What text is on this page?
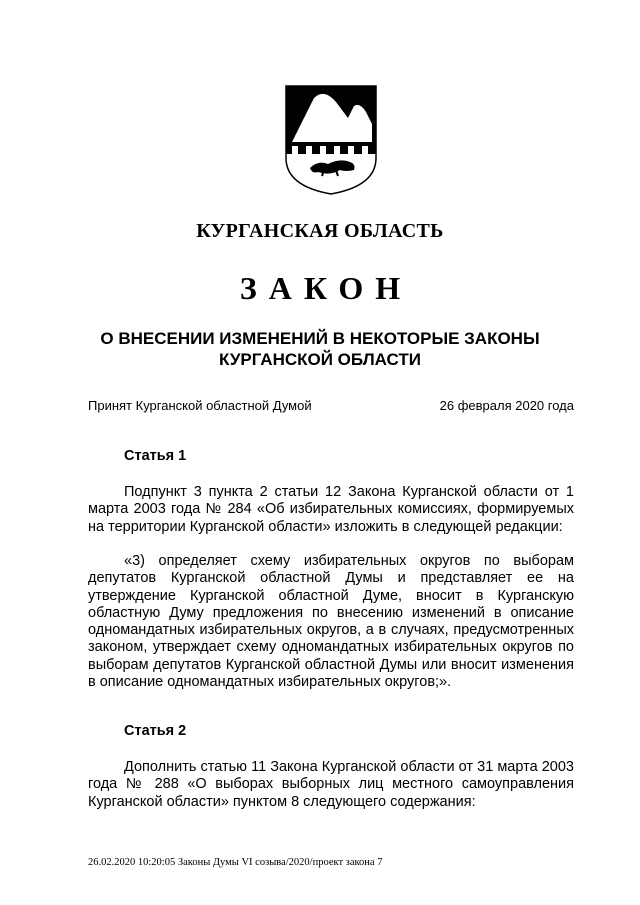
КУРГАНСКАЯ ОБЛАСТЬ
ЗАКОН
О ВНЕСЕНИИ ИЗМЕНЕНИЙ В НЕКОТОРЫЕ ЗАКОНЫ
КУРГАНСКОЙ ОБЛАСТИ
Принят Курганской областной Думой	26 февраля 2020 года
Статья 1
Подпункт 3 пункта 2 статьи 12 Закона Курганской области от 1 марта 2003 года № 284 «Об избирательных комиссиях, формируемых на территории Курганской области» изложить в следующей редакции:
«3) определяет схему избирательных округов по выборам депутатов Курганской областной Думы и представляет ее на утверждение Курганской областной Думе, вносит в Курганскую областную Думу предложения по внесению изменений в описание одномандатных избирательных округов, а в случаях, предусмотренных законом, утверждает схему одномандатных избирательных округов по выборам депутатов Курганской областной Думы или вносит изменения в описание одномандатных избирательных округов;».
Статья 2
Дополнить статью 11 Закона Курганской области от 31 марта 2003 года № 288 «О выборах выборных лиц местного самоуправления Курганской области» пунктом 8 следующего содержания:
26.02.2020 10:20:05 Законы Думы VI созыва/2020/проект закона 7
